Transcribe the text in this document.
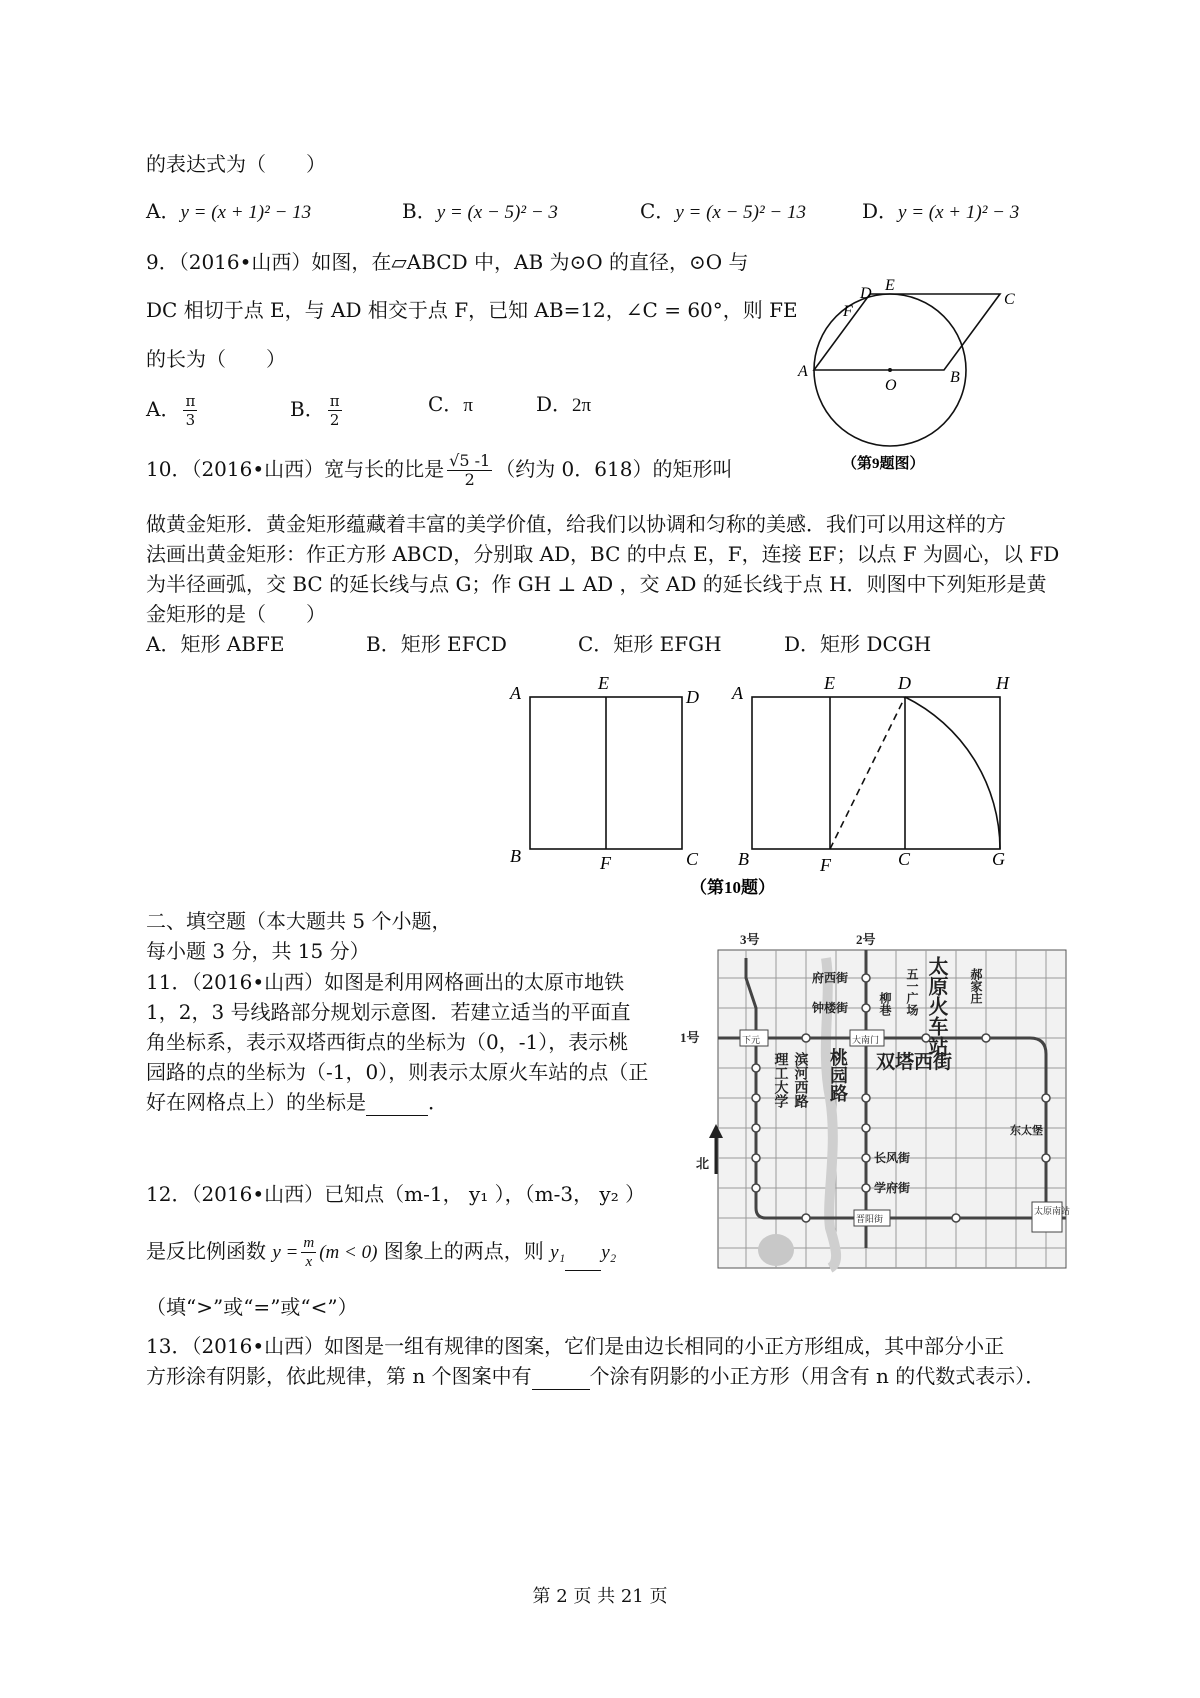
的表达式为（　　）
A．y = (x + 1)² − 13	B．y = (x − 5)² − 3	C．y = (x − 5)² − 13	D．y = (x + 1)² − 3
9．（2016•山西）如图，在▱ABCD 中，AB 为⊙O 的直径，⊙O 与
DC 相切于点 E，与 AD 相交于点 F，已知 AB=12，∠C = 60°，则 FE
的长为（　　）
A． $\frac{\pi}{3}$	B． $\frac{\pi}{2}$	C．π	D．2π
A	B
C
D E
F
O
（第9题图）
10．（2016•山西）宽与长的比是 $\frac{√5 -1}{2}$ （约为 0．618）的矩形叫
做黄金矩形．黄金矩形蕴藏着丰富的美学价值，给我们以协调和匀称的美感．我们可以用这样的方
法画出黄金矩形：作正方形 ABCD，分别取 AD，BC 的中点 E，F，连接 EF；以点 F 为圆心，以 FD
为半径画弧，交 BC 的延长线与点 G；作 GH ⊥ AD ，交 AD 的延长线于点 H．则图中下列矩形是黄
金矩形的是（　　）
A．矩形 ABFE	B．矩形 EFCD	C．矩形 EFGH	D．矩形 DCGH
A	E
D
B	F	C
A	E	D	H
B	F	C	G
（第10题）
二、填空题（本大题共 5 个小题，
每小题 3 分，共 15 分）
11．（2016•山西）如图是利用网格画出的太原市地铁
1，2，3 号线路部分规划示意图．若建立适当的平面直
角坐标系，表示双塔西街点的坐标为（0，-1），表示桃
园路的点的坐标为（-1，0），则表示太原火车站的点（正
好在网格点上）的坐标是	．
3号	2号
1号	下元	大南门
府西街
钟楼街 柳巷 五一广场 太原火车站 郝家庄
理工大学 滨河西路 桃园路 双塔西街
东太堡
长风街
学府街
晋阳街
太原南站
北
12．（2016•山西）已知点（m-1， y₁ ），（m-3， y₂ ）
是反比例函数 $y = \frac{m}{x} (m < 0)$ 图象上的两点，则 y₁ y₂
（填“>”或“=”或“<”）
13．（2016•山西）如图是一组有规律的图案，它们是由边长相同的小正方形组成，其中部分小正
方形涂有阴影，依此规律，第 n 个图案中有	个涂有阴影的小正方形（用含有 n 的代数式表示）．
第 2 页 共 21 页
